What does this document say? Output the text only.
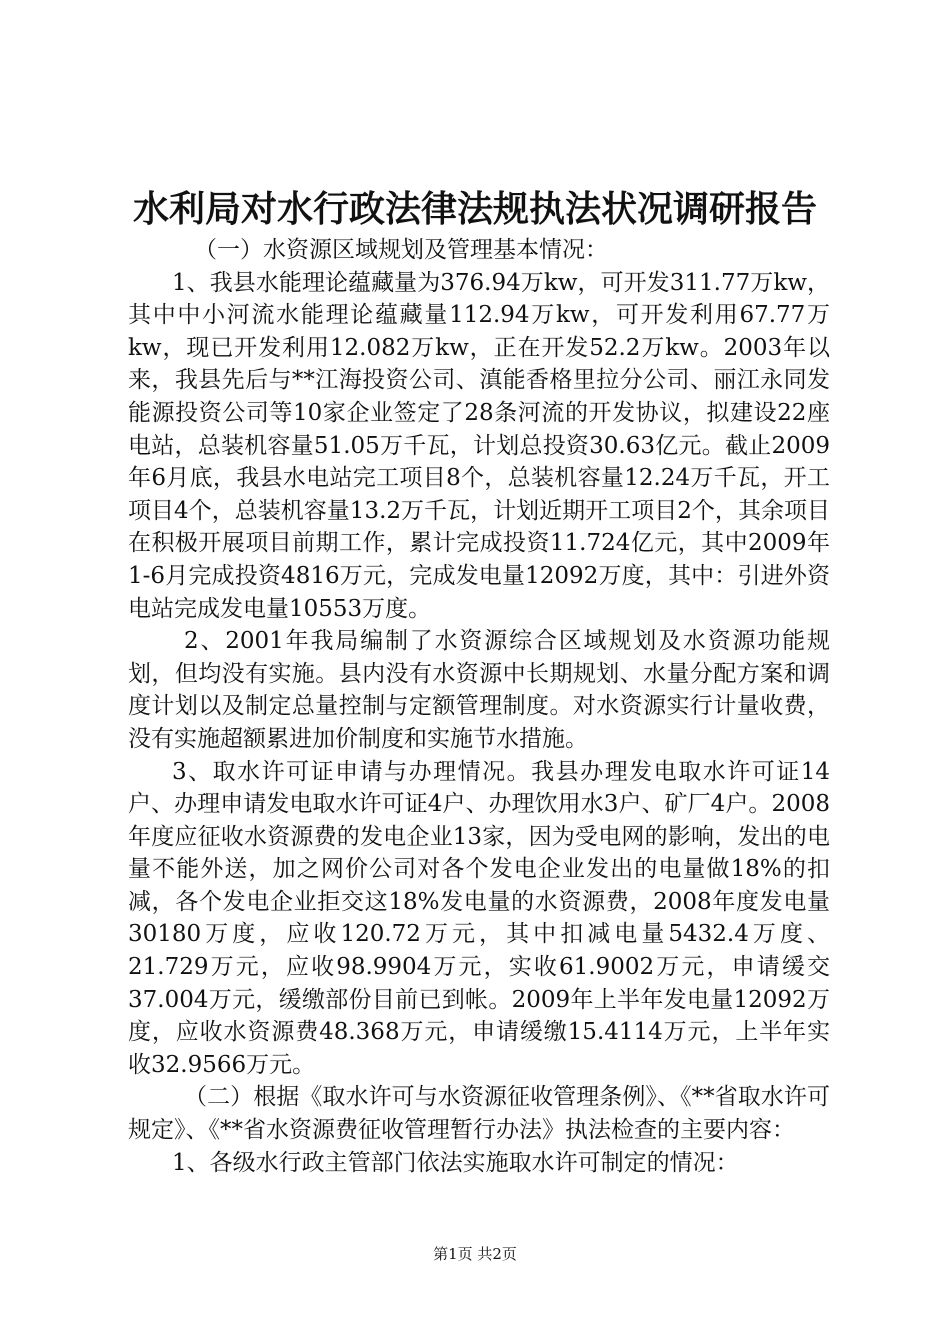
水利局对水行政法律法规执法状况调研报告

（一）水资源区域规划及管理基本情况：

1、我县水能理论蕴藏量为376.94万kw，可开发311.77万kw，其中中小河流水能理论蕴藏量112.94万kw，可开发利用67.77万kw，现已开发利用12.082万kw，正在开发52.2万kw。2003年以来，我县先后与**江海投资公司、滇能香格里拉分公司、丽江永同发能源投资公司等10家企业签定了28条河流的开发协议，拟建设22座电站，总装机容量51.05万千瓦，计划总投资30.63亿元。截止2009年6月底，我县水电站完工项目8个，总装机容量12.24万千瓦，开工项目4个，总装机容量13.2万千瓦，计划近期开工项目2个，其余项目在积极开展项目前期工作，累计完成投资11.724亿元，其中2009年1-6月完成投资4816万元，完成发电量12092万度，其中：引进外资电站完成发电量10553万度。

2、2001年我局编制了水资源综合区域规划及水资源功能规划，但均没有实施。县内没有水资源中长期规划、水量分配方案和调度计划以及制定总量控制与定额管理制度。对水资源实行计量收费，没有实施超额累进加价制度和实施节水措施。

3、取水许可证申请与办理情况。我县办理发电取水许可证14户、办理申请发电取水许可证4户、办理饮用水3户、矿厂4户。2008年度应征收水资源费的发电企业13家，因为受电网的影响，发出的电量不能外送，加之网价公司对各个发电企业发出的电量做18%的扣减，各个发电企业拒交这18%发电量的水资源费，2008年度发电量30180万度，应收120.72万元，其中扣减电量5432.4万度、21.729万元，应收98.9904万元，实收61.9002万元，申请缓交37.004万元，缓缴部份目前已到帐。2009年上半年发电量12092万度，应收水资源费48.368万元，申请缓缴15.4114万元，上半年实收32.9566万元。

（二）根据《取水许可与水资源征收管理条例》、《**省取水许可规定》、《**省水资源费征收管理暂行办法》执法检查的主要内容：

1、各级水行政主管部门依法实施取水许可制定的情况：

第1页 共2页
